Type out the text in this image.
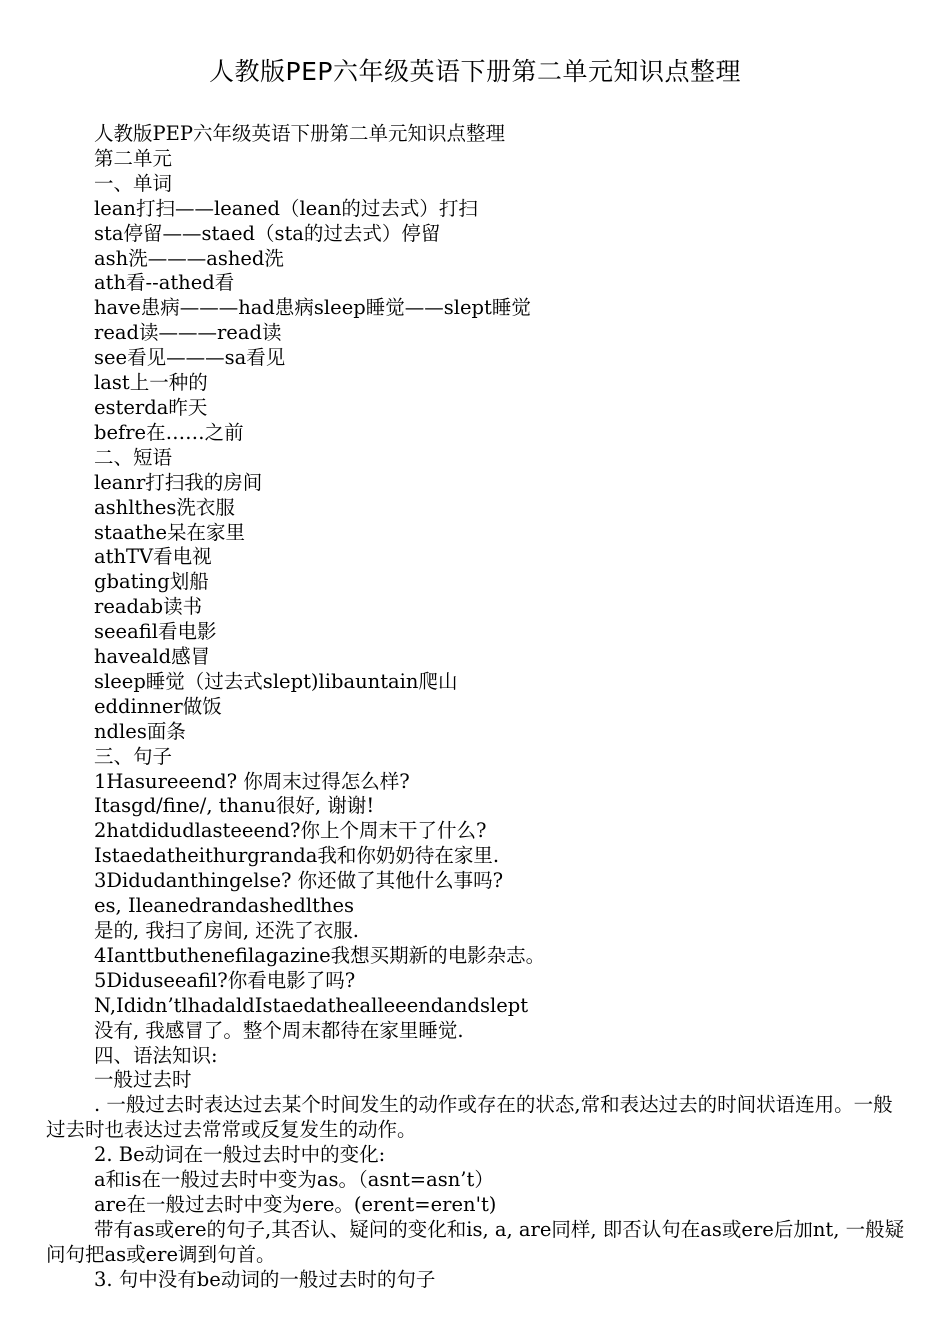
人教版PEP六年级英语下册第二单元知识点整理
人教版PEP六年级英语下册第二单元知识点整理
第二单元
一、单词
lean打扫——leaned（lean的过去式）打扫
sta停留——staed（sta的过去式）停留
ash洗———ashed洗
ath看--athed看
have患病———had患病sleep睡觉——slept睡觉
read读———read读
see看见———sa看见
last上一种的
esterda昨天
befre在……之前
二、短语
leanr打扫我的房间
ashlthes洗衣服
staathe呆在家里
athTV看电视
gbating划船
readab读书
seeafil看电影
haveald感冒
sleep睡觉（过去式slept)libauntain爬山
eddinner做饭
ndles面条
三、句子
1Hasureeend? 你周末过得怎么样?
Itasgd/fine/, thanu很好, 谢谢!
2hatdidudlasteeend?你上个周末干了什么?
Istaedatheithurgranda我和你奶奶待在家里.
3Didudanthingelse? 你还做了其他什么事吗?
es, Ileanedrandashedlthes
是的, 我扫了房间, 还洗了衣服.
4Ianttbuthenefilagazine我想买期新的电影杂志。
5Diduseeafil?你看电影了吗?
N,Ididn’tlhadaldIstaedathealleeendandslept
没有, 我感冒了。整个周末都待在家里睡觉.
四、语法知识:
一般过去时
. 一般过去时表达过去某个时间发生的动作或存在的状态,常和表达过去的时间状语连用。一般过去时也表达过去常常或反复发生的动作。
2. Be动词在一般过去时中的变化:
a和is在一般过去时中变为as。（asnt=asn’t）
are在一般过去时中变为ere。(erent=eren't)
带有as或ere的句子,其否认、疑问的变化和is, a, are同样, 即否认句在as或ere后加nt, 一般疑问句把as或ere调到句首。
3. 句中没有be动词的一般过去时的句子
